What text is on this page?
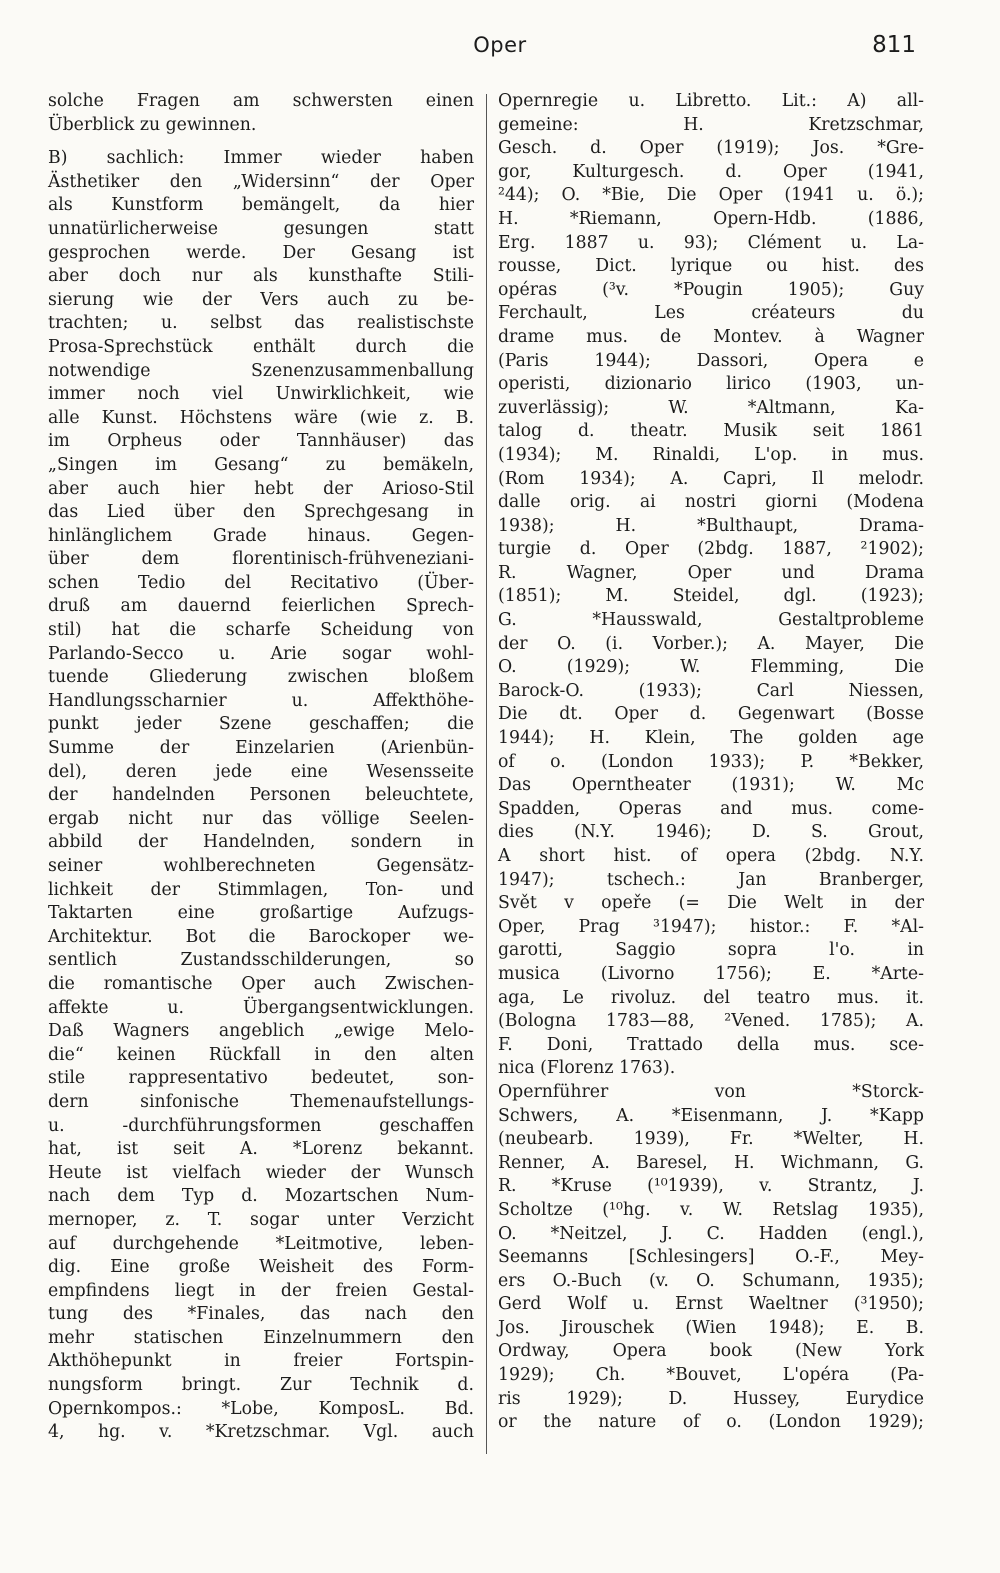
Oper	811
solche Fragen am schwersten einen
Überblick zu gewinnen.
B) sachlich: Immer wieder haben
Ästhetiker den „Widersinn“ der Oper
als Kunstform bemängelt, da hier
unnatürlicherweise gesungen statt
gesprochen werde. Der Gesang ist
aber doch nur als kunsthafte Stili-
sierung wie der Vers auch zu be-
trachten; u. selbst das realistischste
Prosa-Sprechstück enthält durch die
notwendige Szenenzusammenballung
immer noch viel Unwirklichkeit, wie
alle Kunst. Höchstens wäre (wie z. B.
im Orpheus oder Tannhäuser) das
„Singen im Gesang“ zu bemäkeln,
aber auch hier hebt der Arioso-Stil
das Lied über den Sprechgesang in
hinlänglichem Grade hinaus. Gegen-
über dem florentinisch-frühvenezіani-
schen Tedio del Recitativo (Über-
druß am dauernd feierlichen Sprech-
stil) hat die scharfe Scheidung von
Parlando-Secco u. Arie sogar wohl-
tuende Gliederung zwischen bloßem
Handlungsscharnier u. Affekthöhe-
punkt jeder Szene geschaffen; die
Summe der Einzelarien (Arienbün-
del), deren jede eine Wesensseite
der handelnden Personen beleuchtete,
ergab nicht nur das völlige Seelen-
abbild der Handelnden, sondern in
seiner wohlberechneten Gegensätz-
lichkeit der Stimmlagen, Ton- und
Taktarten eine großartige Aufzugs-
Architektur. Bot die Barockoper we-
sentlich Zustandsschilderungen, so
die romantische Oper auch Zwischen-
affekte u. Übergangsentwicklungen.
Daß Wagners angeblich „ewige Melo-
die“ keinen Rückfall in den alten
stile rappresentativo bedeutet, son-
dern sinfonische Themenaufstellungs-
u. -durchführungsformen geschaffen
hat, ist seit A. *Lorenz bekannt.
Heute ist vielfach wieder der Wunsch
nach dem Typ d. Mozartschen Num-
mernoper, z. T. sogar unter Verzicht
auf durchgehende *Leitmotive, leben-
dig. Eine große Weisheit des Form-
empfindens liegt in der freien Gestal-
tung des *Finales, das nach den
mehr statischen Einzelnummern den
Akthöhepunkt in freier Fortspin-
nungsform bringt. Zur Technik d.
Opernkompos.: *Lobe, KomposL. Bd.
4, hg. v. *Kretzschmar. Vgl. auch
Opernregie u. Libretto. Lit.: A) all-
gemeine: H. Kretzschmar,
Gesch. d. Oper (1919); Jos. *Gre-
gor, Kulturgesch. d. Oper (1941,
²44); O. *Bie, Die Oper (1941 u. ö.);
H. *Riemann, Opern-Hdb. (1886,
Erg. 1887 u. 93); Clément u. La-
rousse, Dict. lyrique ou hist. des
opéras (³v. *Pougin 1905); Guy
Ferchault, Les créateurs du
drame mus. de Montev. à Wagner
(Paris 1944); Dassori, Opera e
operisti, dizionario lirico (1903, un-
zuverlässig); W. *Altmann, Ka-
talog d. theatr. Musik seit 1861
(1934); M. Rinaldi, L'op. in mus.
(Rom 1934); A. Capri, Il melodr.
dalle orig. ai nostri giorni (Modena
1938); H. *Bulthaupt, Drama-
turgie d. Oper (2bdg. 1887, ²1902);
R. Wagner, Oper und Drama
(1851); M. Steidel, dgl. (1923);
G. *Hausswald, Gestaltprobleme
der O. (i. Vorber.); A. Mayer, Die
O. (1929); W. Flemming, Die
Barock-O. (1933); Carl Niessen,
Die dt. Oper d. Gegenwart (Bosse
1944); H. Klein, The golden age
of o. (London 1933); P. *Bekker,
Das Operntheater (1931); W. Mc
Spadden, Operas and mus. come-
dies (N.Y. 1946); D. S. Grout,
A short hist. of opera (2bdg. N.Y.
1947); tschech.: Jan Branberger,
Svět v opeře (= Die Welt in der
Oper, Prag ³1947); histor.: F. *Al-
garotti, Saggio sopra l'o. in
musica (Livorno 1756); E. *Arte-
aga, Le rivoluz. del teatro mus. it.
(Bologna 1783—88, ²Vened. 1785); A.
F. Doni, Trattado della mus. sce-
nica (Florenz 1763).
Opernführer von *Storck-
Schwers, A. *Eisenmann, J. *Kapp
(neubearb. 1939), Fr. *Welter, H.
Renner, A. Baresel, H. Wichmann, G.
R. *Kruse (¹⁰1939), v. Strantz, J.
Scholtze (¹⁰hg. v. W. Retslag 1935),
O. *Neitzel, J. C. Hadden (engl.),
Seemanns [Schlesingers] O.-F., Mey-
ers O.-Buch (v. O. Schumann, 1935);
Gerd Wolf u. Ernst Waeltner (³1950);
Jos. Jirouschek (Wien 1948); E. B.
Ordway, Opera book (New York
1929); Ch. *Bouvet, L'opéra (Pa-
ris 1929); D. Hussey, Eurydice
or the nature of o. (London 1929);
